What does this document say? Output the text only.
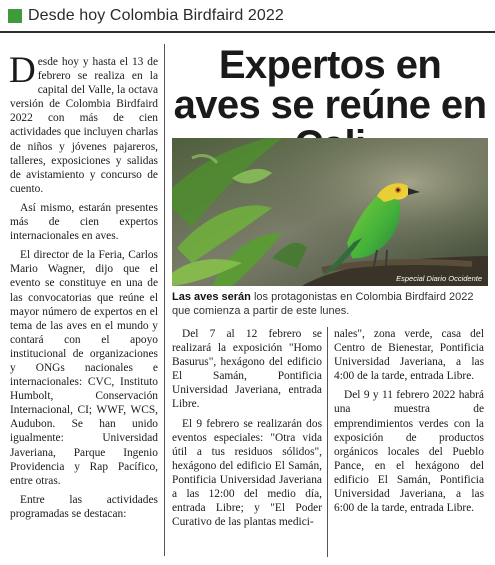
Desde hoy Colombia Birdfaird 2022

Desde hoy y hasta el 13 de febrero se realiza en la capital del Valle, la octava versión de Colombia Birdfaird 2022 con más de cien actividades que incluyen charlas de niños y jóvenes pajareros, talleres, exposiciones y salidas de avistamiento y concurso de cuento.

Así mismo, estarán presentes más de cien expertos internacionales en aves.

El director de la Feria, Carlos Mario Wagner, dijo que el evento se constituye en una de las convocatorias que reúne el mayor número de expertos en el tema de las aves en el mundo y contará con el apoyo institucional de organizaciones y ONGs nacionales e internacionales: CVC, Instituto Humbolt, Conservación Internacional, CI; WWF, WCS, Audubon. Se han unido igualmente: Universidad Javeriana, Parque Ingenio Providencia y Rap Pacífico, entre otras.

Entre las actividades programadas se destacan:

Expertos en aves se reúne en
Especial Diario Occidente
Las aves serán los protagonistas en Colombia Birdfaird 2022 que comienza a partir de este lunes.

Del 7 al 12 febrero se realizará la exposición "Homo Basurus", hexágono del edificio El Samán, Pontificia Universidad Javeriana, entrada Libre.

El 9 febrero se realizarán dos eventos especiales: "Otra vida útil a tus residuos sólidos", hexágono del edificio El Samán, Pontificia Universidad Javeriana a las 12:00 del medio día, entrada Libre; y "El Poder Curativo de las plantas medici-

nales", zona verde, casa del Centro de Bienestar, Pontificia Universidad Javeriana, a las 4:00 de la tarde, entrada Libre.

Del 9 y 11 febrero 2022 habrá una muestra de emprendimientos verdes con la exposición de productos orgánicos locales del Pueblo Pance, en el hexágono del edificio El Samán, Pontificia Universidad Javeriana, a las 6:00 de la tarde, entrada Libre.
